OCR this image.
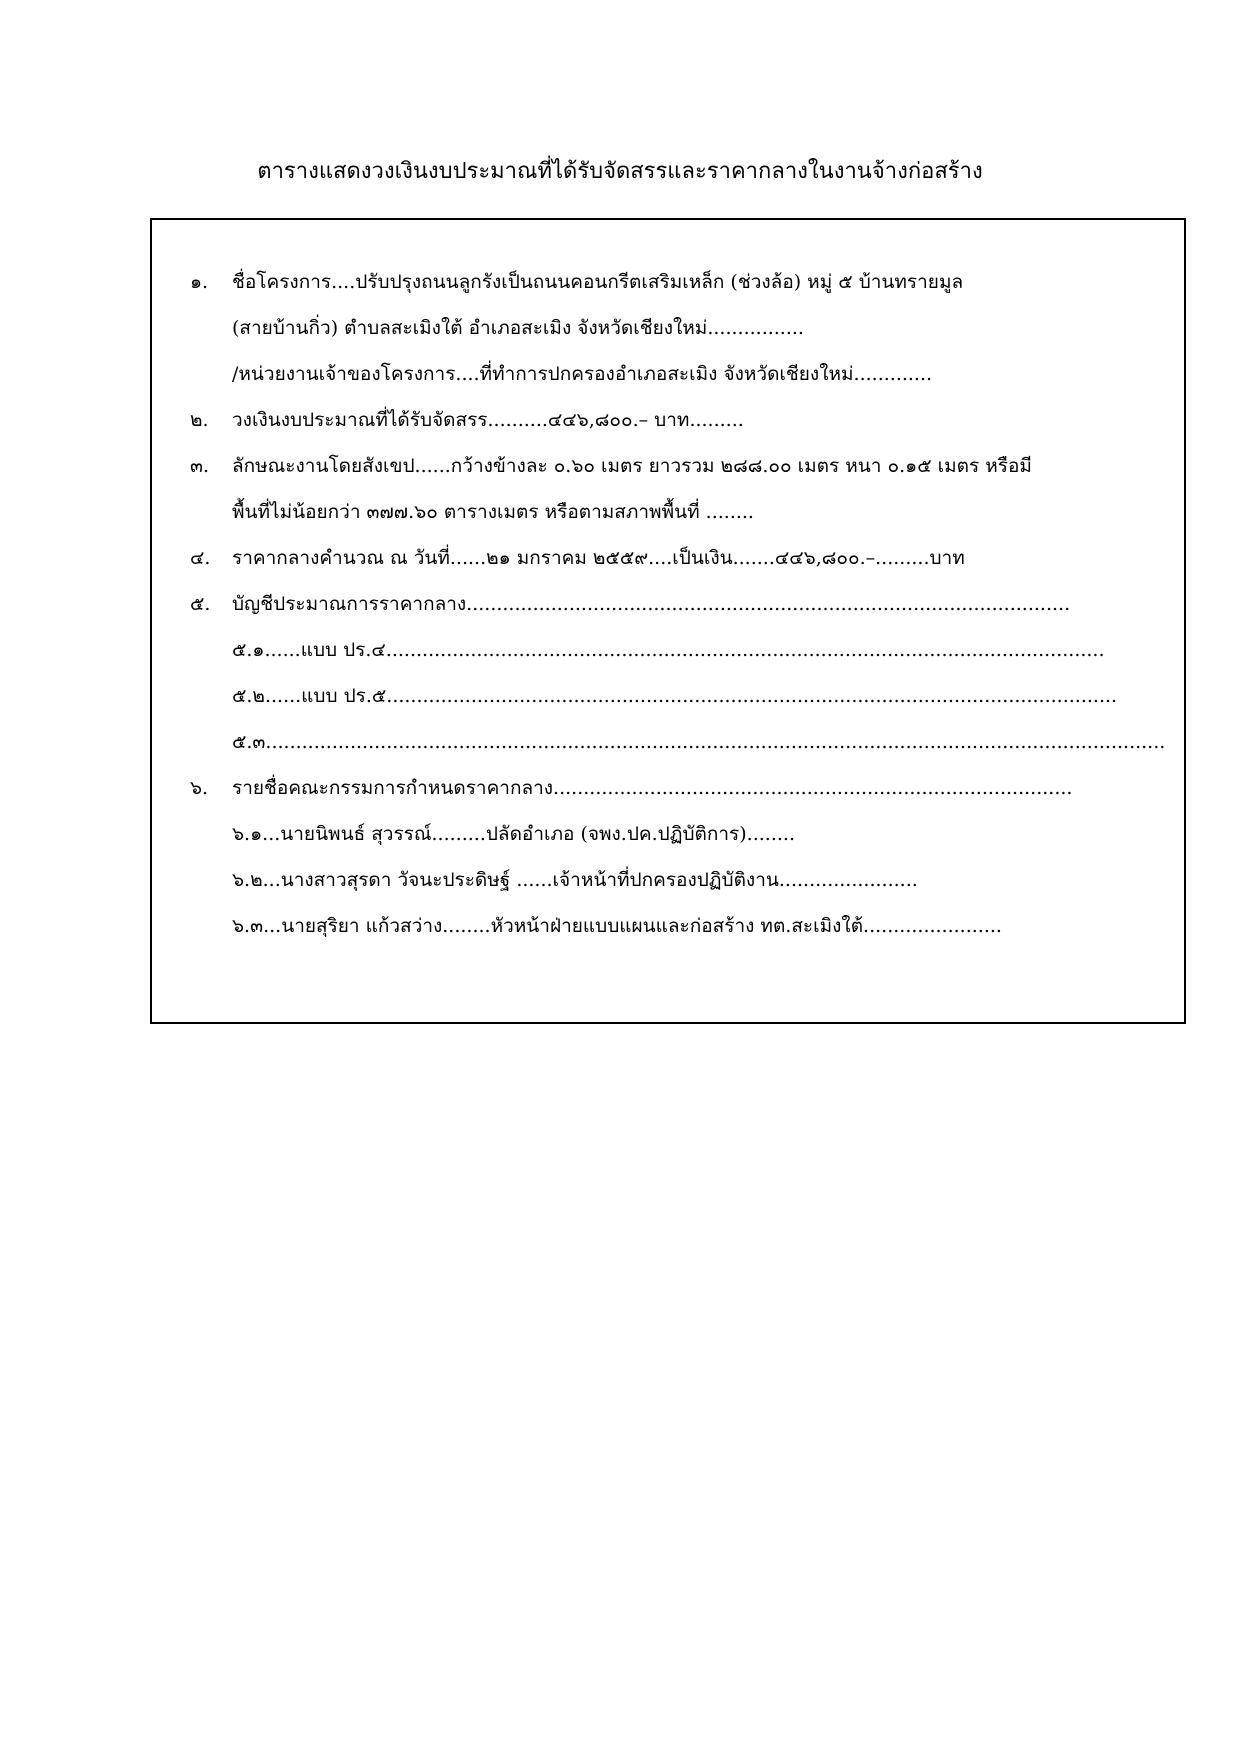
ตารางแสดงวงเงินงบประมาณที่ได้รับจัดสรรและราคากลางในงานจ้างก่อสร้าง
๑. ชื่อโครงการ....ปรับปรุงถนนลูกรังเป็นถนนคอนกรีตเสริมเหล็ก (ช่วงล้อ) หมู่ ๕ บ้านทรายมูล
(สายบ้านกิ่ว) ตำบลสะเมิงใต้ อำเภอสะเมิง จังหวัดเชียงใหม่................
/หน่วยงานเจ้าของโครงการ....ที่ทำการปกครองอำเภอสะเมิง จังหวัดเชียงใหม่.............
๒. วงเงินงบประมาณที่ได้รับจัดสรร..........๔๔๖,๘๐๐.– บาท.........
๓. ลักษณะงานโดยสังเขป......กว้างข้างละ ๐.๖๐ เมตร ยาวรวม ๒๘๘.๐๐ เมตร หนา ๐.๑๕ เมตร หรือมี
พื้นที่ไม่น้อยกว่า ๓๗๗.๖๐ ตารางเมตร หรือตามสภาพพื้นที่ ........
๔. ราคากลางคำนวณ ณ วันที่......๒๑ มกราคม ๒๕๕๙....เป็นเงิน.......๔๔๖,๘๐๐.–.........บาท
๕. บัญชีประมาณการราคากลาง....................................................................................................
๕.๑......แบบ ปร.๔.......................................................................................................................
๕.๒......แบบ ปร.๕.........................................................................................................................
๕.๓.....................................................................................................................................................
๖. รายชื่อคณะกรรมการกำหนดราคากลาง......................................................................................
๖.๑...นายนิพนธ์ สุวรรณ์.........ปลัดอำเภอ (จพง.ปค.ปฏิบัติการ)........
๖.๒...นางสาวสุรดา วัจนะประดิษฐ์ ......เจ้าหน้าที่ปกครองปฏิบัติงาน.......................
๖.๓...นายสุริยา แก้วสว่าง........หัวหน้าฝ่ายแบบแผนและก่อสร้าง ทต.สะเมิงใต้.......................
